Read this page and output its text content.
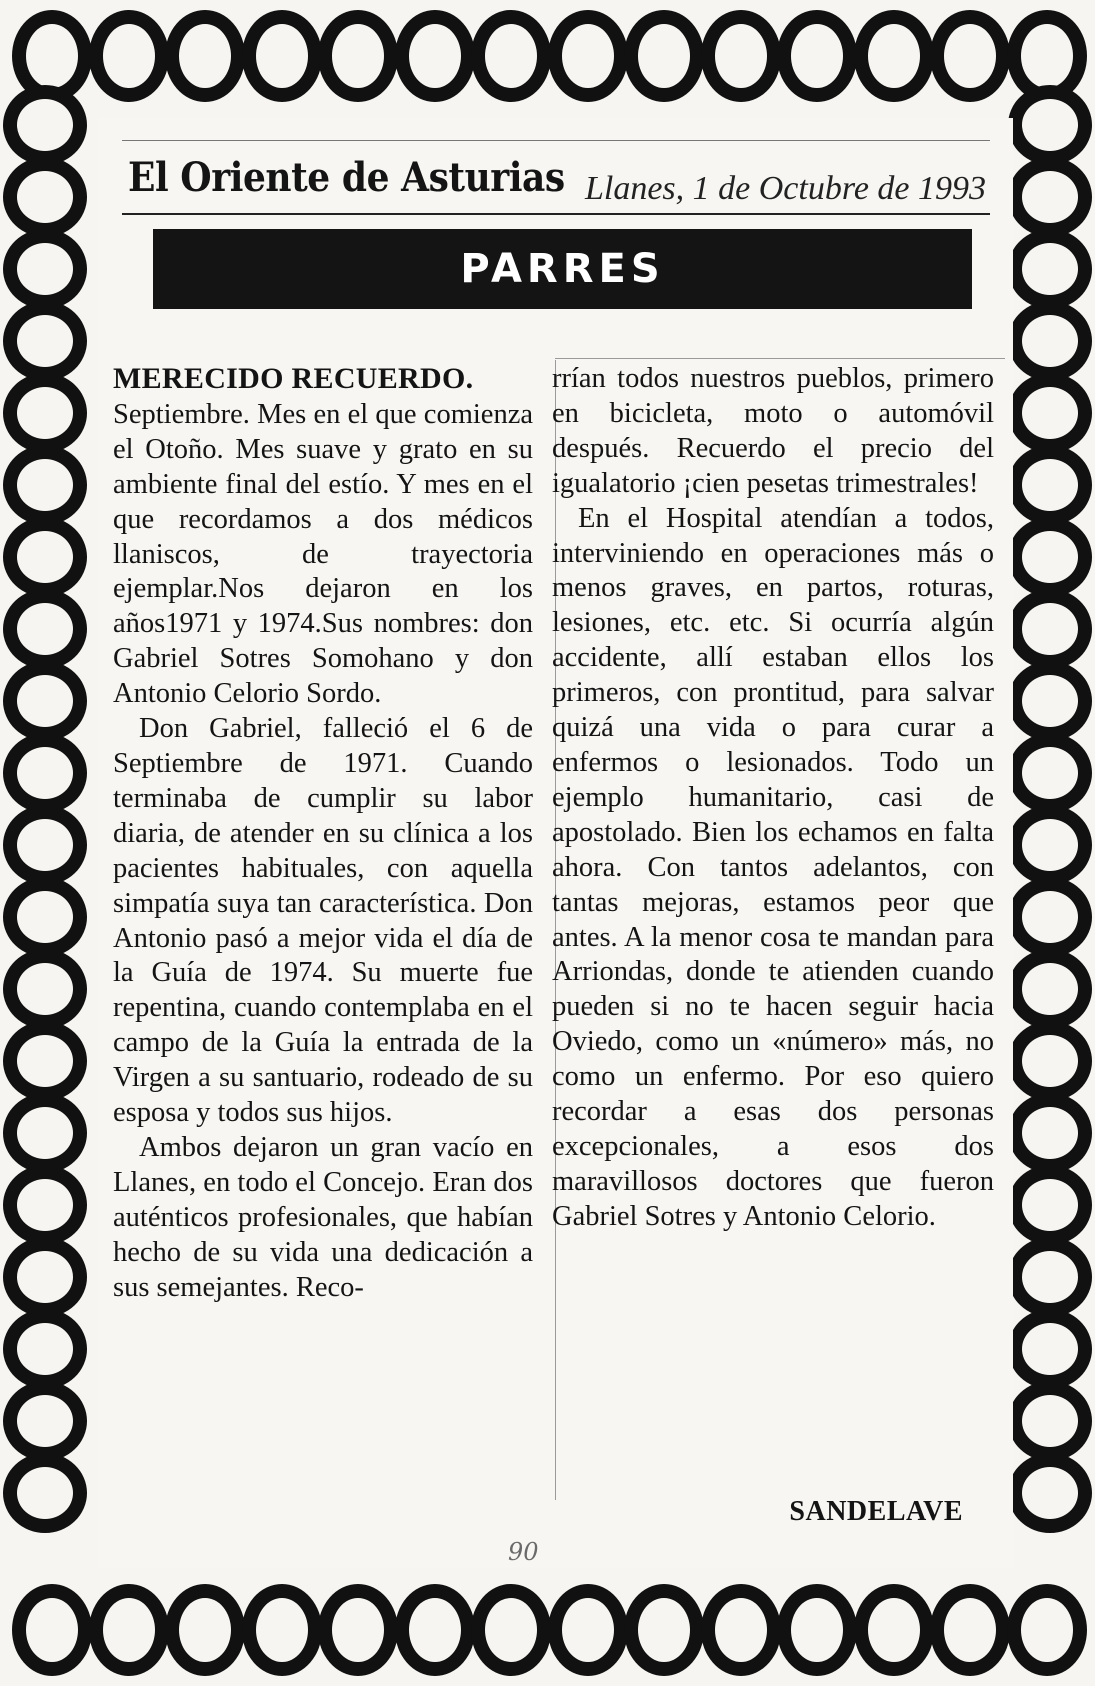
El Oriente de Asturias Llanes, 1 de Octubre de 1993
PARRES

MERECIDO RECUERDO.
Septiembre. Mes en el que comienza el Otoño. Mes suave y grato en su ambiente final del estío. Y mes en el que recordamos a dos médicos llaniscos, de trayectoria ejemplar.Nos dejaron en los años1971 y 1974.Sus nombres: don Gabriel Sotres Somohano y don Antonio Celorio Sordo.

Don Gabriel, falleció el 6 de Septiembre de 1971. Cuando terminaba de cumplir su labor diaria, de atender en su clínica a los pacientes habituales, con aquella simpatía suya tan característica. Don Antonio pasó a mejor vida el día de la Guía de 1974. Su muerte fue repentina, cuando contemplaba en el campo de la Guía la entrada de la Virgen a su santuario, rodeado de su esposa y todos sus hijos.

Ambos dejaron un gran vacío en Llanes, en todo el Concejo. Eran dos auténticos profesionales, que habían hecho de su vida una dedicación a sus semejantes. Reco-

rrían todos nuestros pueblos, primero en bicicleta, moto o automóvil después. Recuerdo el precio del igualatorio ¡cien pesetas trimestrales!

En el Hospital atendían a todos, interviniendo en operaciones más o menos graves, en partos, roturas, lesiones, etc. etc. Si ocurría algún accidente, allí estaban ellos los primeros, con prontitud, para salvar quizá una vida o para curar a enfermos o lesionados. Todo un ejemplo humanitario, casi de apostolado. Bien los echamos en falta ahora. Con tantos adelantos, con tantas mejoras, estamos peor que antes. A la menor cosa te mandan para Arriondas, donde te atienden cuando pueden si no te hacen seguir hacia Oviedo, como un «número» más, no como un enfermo. Por eso quiero recordar a esas dos personas excepcionales, a esos dos maravillosos doctores que fueron Gabriel Sotres y Antonio Celorio.

SANDELAVE
90
